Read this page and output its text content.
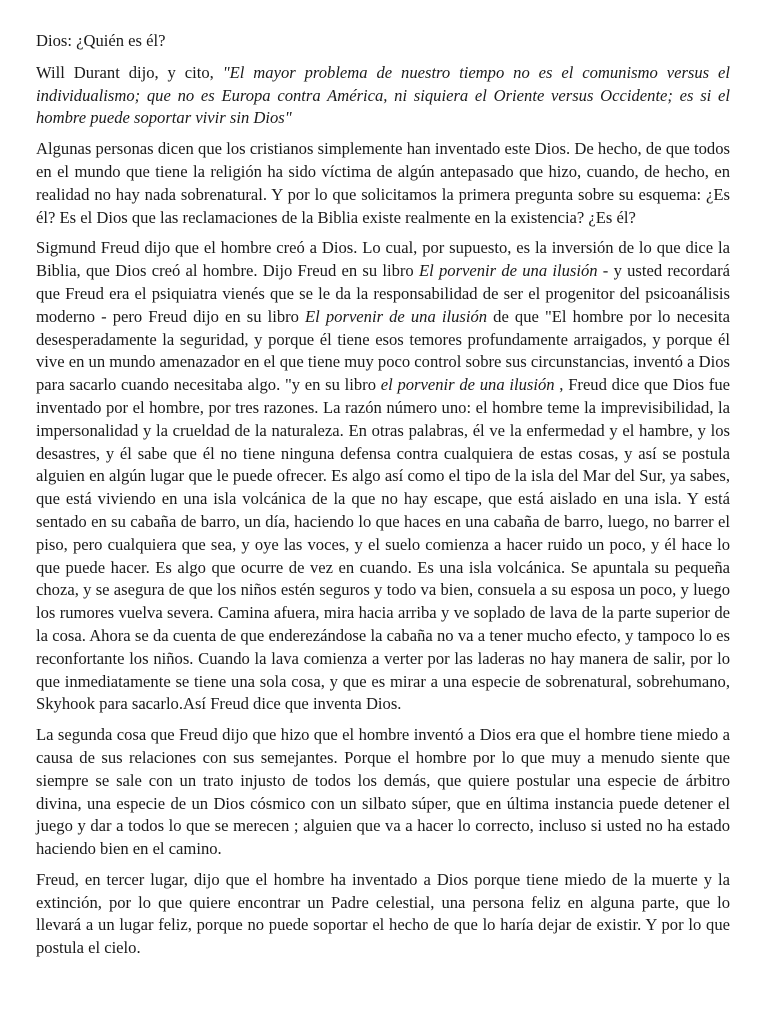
Dios: ¿Quién es él?

Will Durant dijo, y cito, "El mayor problema de nuestro tiempo no es el comunismo versus el individualismo; que no es Europa contra América, ni siquiera el Oriente versus Occidente; es si el hombre puede soportar vivir sin Dios"

Algunas personas dicen que los cristianos simplemente han inventado este Dios. De hecho, de que todos en el mundo que tiene la religión ha sido víctima de algún antepasado que hizo, cuando, de hecho, en realidad no hay nada sobrenatural. Y por lo que solicitamos la primera pregunta sobre su esquema: ¿Es él? Es el Dios que las reclamaciones de la Biblia existe realmente en la existencia? ¿Es él?

Sigmund Freud dijo que el hombre creó a Dios. Lo cual, por supuesto, es la inversión de lo que dice la Biblia, que Dios creó al hombre. Dijo Freud en su libro El porvenir de una ilusión - y usted recordará que Freud era el psiquiatra vienés que se le da la responsabilidad de ser el progenitor del psicoanálisis moderno - pero Freud dijo en su libro El porvenir de una ilusión de que "El hombre por lo necesita desesperadamente la seguridad, y porque él tiene esos temores profundamente arraigados, y porque él vive en un mundo amenazador en el que tiene muy poco control sobre sus circunstancias, inventó a Dios para sacarlo cuando necesitaba algo. "y en su libro el porvenir de una ilusión , Freud dice que Dios fue inventado por el hombre, por tres razones. La razón número uno: el hombre teme la imprevisibilidad, la impersonalidad y la crueldad de la naturaleza. En otras palabras, él ve la enfermedad y el hambre, y los desastres, y él sabe que él no tiene ninguna defensa contra cualquiera de estas cosas, y así se postula alguien en algún lugar que le puede ofrecer. Es algo así como el tipo de la isla del Mar del Sur, ya sabes, que está viviendo en una isla volcánica de la que no hay escape, que está aislado en una isla. Y está sentado en su cabaña de barro, un día, haciendo lo que haces en una cabaña de barro, luego, no barrer el piso, pero cualquiera que sea, y oye las voces, y el suelo comienza a hacer ruido un poco, y él hace lo que puede hacer. Es algo que ocurre de vez en cuando. Es una isla volcánica. Se apuntala su pequeña choza, y se asegura de que los niños estén seguros y todo va bien, consuela a su esposa un poco, y luego los rumores vuelva severa. Camina afuera, mira hacia arriba y ve soplado de lava de la parte superior de la cosa. Ahora se da cuenta de que enderezándose la cabaña no va a tener mucho efecto, y tampoco lo es reconfortante los niños. Cuando la lava comienza a verter por las laderas no hay manera de salir, por lo que inmediatamente se tiene una sola cosa, y que es mirar a una especie de sobrenatural, sobrehumano, Skyhook para sacarlo.Así Freud dice que inventa Dios.

La segunda cosa que Freud dijo que hizo que el hombre inventó a Dios era que el hombre tiene miedo a causa de sus relaciones con sus semejantes. Porque el hombre por lo que muy a menudo siente que siempre se sale con un trato injusto de todos los demás, que quiere postular una especie de árbitro divina, una especie de un Dios cósmico con un silbato súper, que en última instancia puede detener el juego y dar a todos lo que se merecen ; alguien que va a hacer lo correcto, incluso si usted no ha estado haciendo bien en el camino.

Freud, en tercer lugar, dijo que el hombre ha inventado a Dios porque tiene miedo de la muerte y la extinción, por lo que quiere encontrar un Padre celestial, una persona feliz en alguna parte, que lo llevará a un lugar feliz, porque no puede soportar el hecho de que lo haría dejar de existir. Y por lo que postula el cielo.
